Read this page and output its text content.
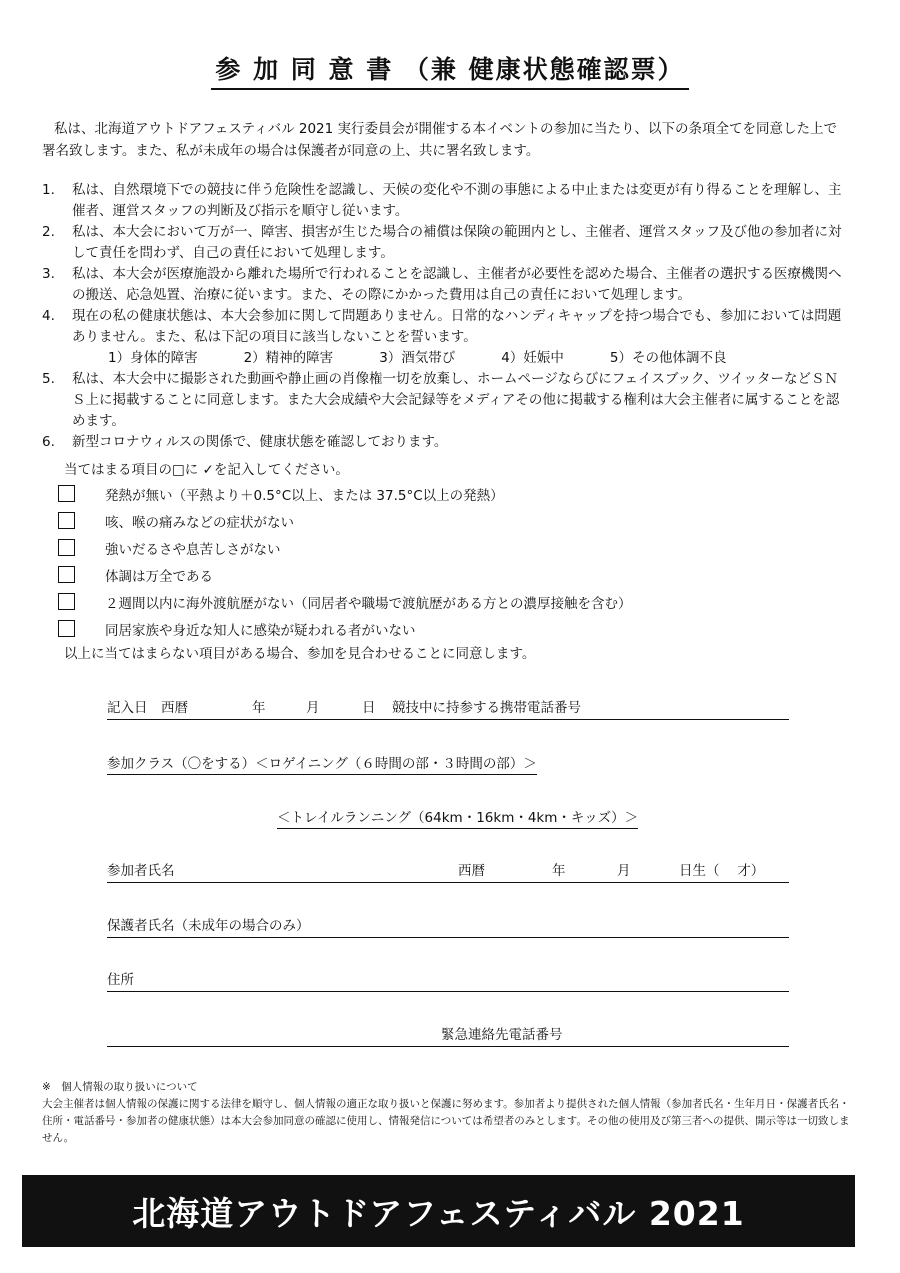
参 加 同 意 書 （兼 健康状態確認票）
私は、北海道アウトドアフェスティバル 2021 実行委員会が開催する本イベントの参加に当たり、以下の条項全てを同意した上で署名致します。また、私が未成年の場合は保護者が同意の上、共に署名致します。
1.	私は、自然環境下での競技に伴う危険性を認識し、天候の変化や不測の事態による中止または変更が有り得ることを理解し、主催者、運営スタッフの判断及び指示を順守し従います。
2.	私は、本大会において万が一、障害、損害が生じた場合の補償は保険の範囲内とし、主催者、運営スタッフ及び他の参加者に対して責任を問わず、自己の責任において処理します。
3.	私は、本大会が医療施設から離れた場所で行われることを認識し、主催者が必要性を認めた場合、主催者の選択する医療機関への搬送、応急処置、治療に従います。また、その際にかかった費用は自己の責任において処理します。
4.	現在の私の健康状態は、本大会参加に関して問題ありません。日常的なハンディキャップを持つ場合でも、参加においては問題ありません。また、私は下記の項目に該当しないことを誓います。
1）身体的障害	2）精神的障害	3）酒気帯び	4）妊娠中	5）その他体調不良
5.	私は、本大会中に撮影された動画や静止画の肖像権一切を放棄し、ホームページならびにフェイスブック、ツイッターなどＳＮＳ上に掲載することに同意します。また大会成績や大会記録等をメディアその他に掲載する権利は大会主催者に属することを認めます。
6.	新型コロナウィルスの関係で、健康状態を確認しております。
当てはまる項目の□に ✓を記入してください。
発熱が無い（平熱より＋0.5°C以上、または 37.5°C以上の発熱）
咳、喉の痛みなどの症状がない
強いだるさや息苦しさがない
体調は万全である
２週間以内に海外渡航歴がない（同居者や職場で渡航歴がある方との濃厚接触を含む）
同居家族や身近な知人に感染が疑われる者がいない
以上に当てはまらない項目がある場合、参加を見合わせることに同意します。
記入日　西暦	年	月	日 競技中に持参する携帯電話番号
参加クラス（〇をする）＜ロゲイニング（６時間の部・３時間の部）＞
＜トレイルランニング（64km・16km・4km・キッズ）＞
参加者氏名	西暦	年	月	日生（　 才）
保護者氏名（未成年の場合のみ）
住所
緊急連絡先電話番号
※　個人情報の取り扱いについて
大会主催者は個人情報の保護に関する法律を順守し、個人情報の適正な取り扱いと保護に努めます。参加者より提供された個人情報（参加者氏名・生年月日・保護者氏名・住所・電話番号・参加者の健康状態）は本大会参加同意の確認に使用し、情報発信については希望者のみとします。その他の使用及び第三者への提供、開示等は一切致しません。
北海道アウトドアフェスティバル 2021
